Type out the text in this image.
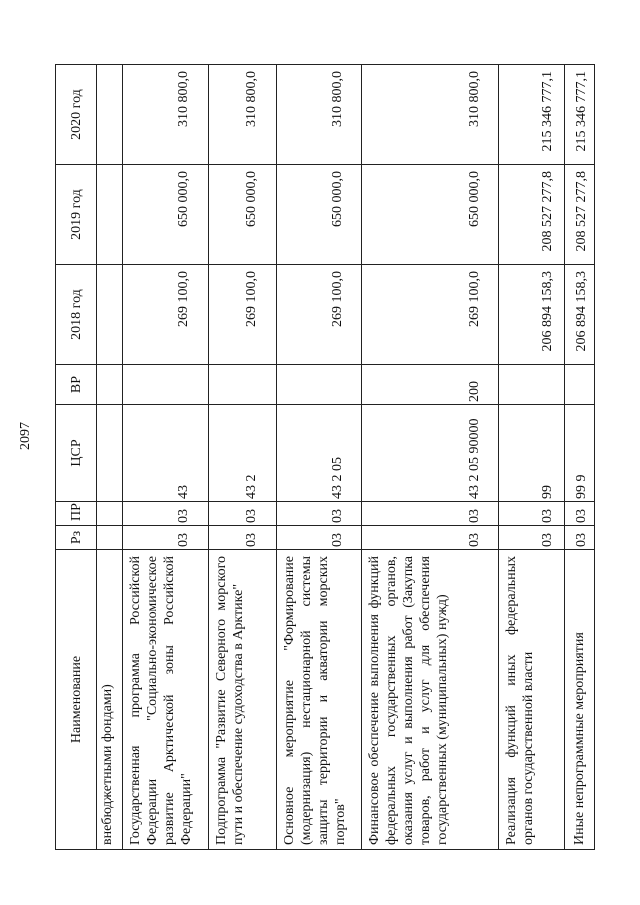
2097
Наименование	Рз	ПР	ЦСР	ВР	2018 год	2019 год	2020 год
внебюджетными фондами)							
Государственная программа Российской Федерации "Социально-экономическое развитие Арктической зоны Российской Федерации"	03	03	43		269 100,0	650 000,0	310 800,0

Подпрограмма "Развитие Северного морского пути и обеспечение судоходства в Арктике"	03	03	43 2		269 100,0	650 000,0	310 800,0

Основное мероприятие "Формирование (модернизация) нестационарной системы защиты территории и акватории морских портов"	03	03	43 2 05		269 100,0	650 000,0	310 800,0

Финансовое обеспечение выполнения функций федеральных государственных органов, оказания услуг и выполнения работ (Закупка товаров, работ и услуг для обеспечения государственных (муниципальных) нужд)	03	03	43 2 05 90000	200	269 100,0	650 000,0	310 800,0

Реализация функций иных федеральных органов государственной власти	03	03	99		206 894 158,3	208 527 277,8	215 346 777,1

Иные непрограммные мероприятия	03	03	99 9		206 894 158,3	208 527 277,8	215 346 777,1
